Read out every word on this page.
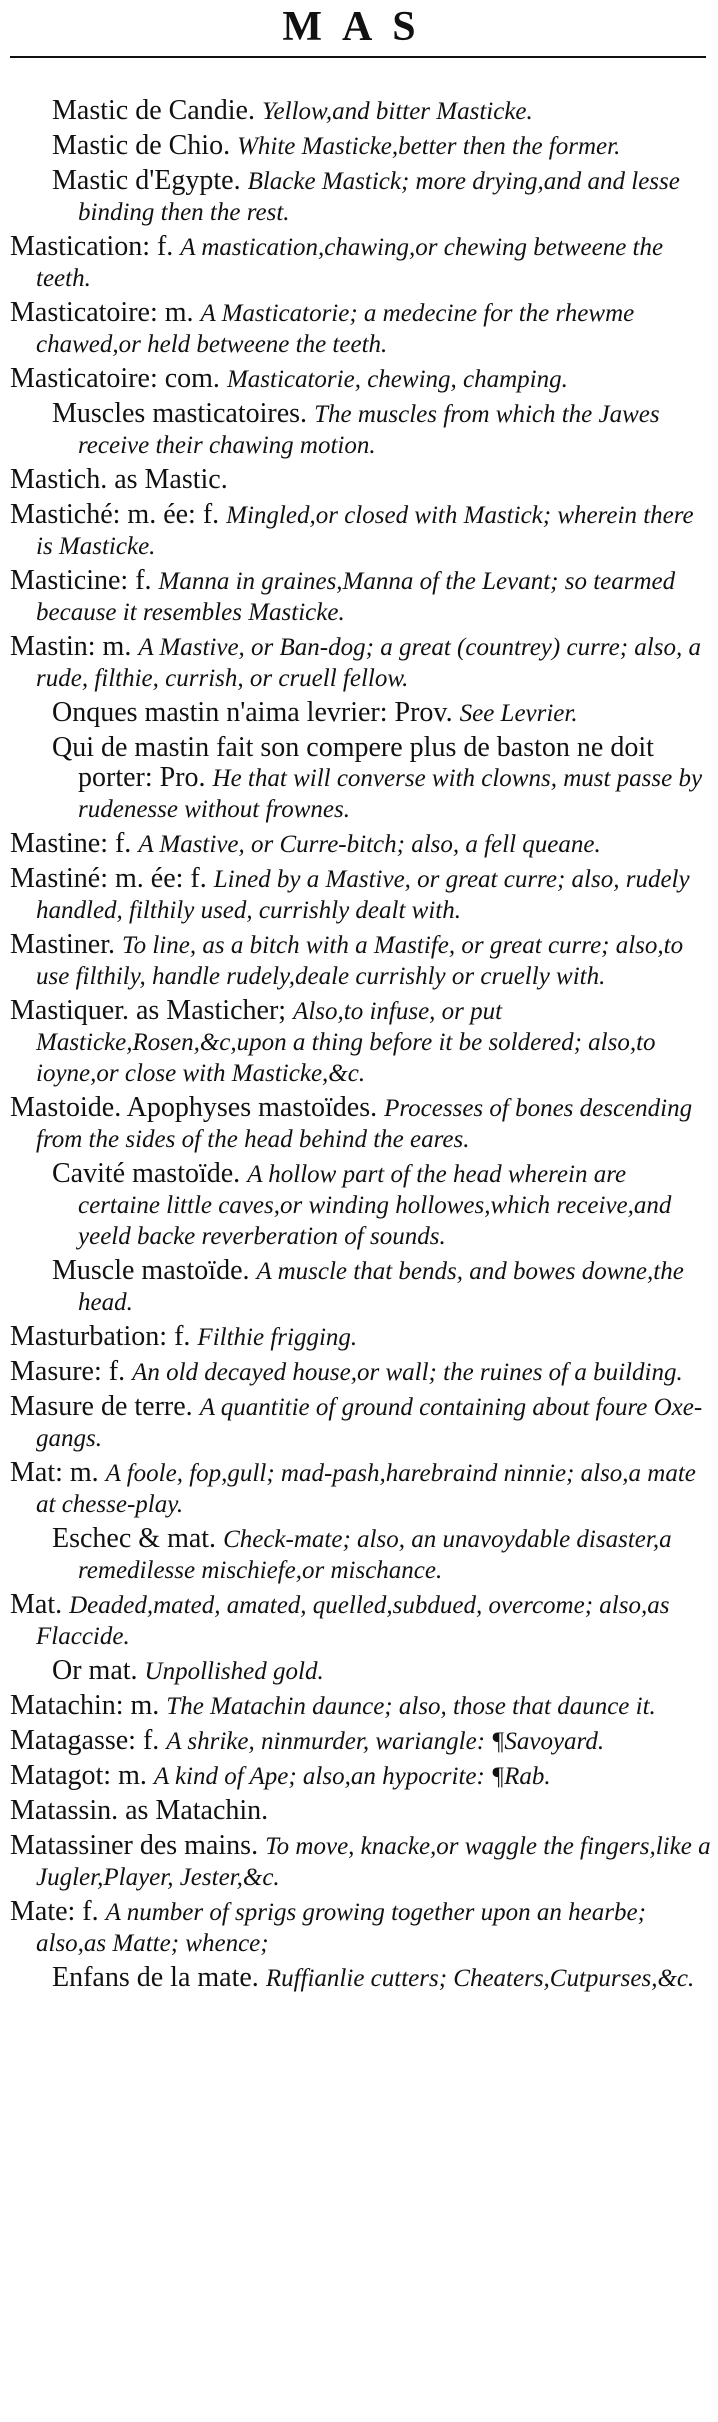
MAS
Mastic de Candie. Yellow,and bitter Masticke.
Mastic de Chio. White Masticke,better then the former.
Mastic d'Egypte. Blacke Mastick; more drying,and and lesse binding then the rest.
Mastication: f. A mastication,chawing,or chewing betweene the teeth.
Masticatoire: m. A Masticatorie; a medecine for the rhewme chawed,or held betweene the teeth.
Masticatoire: com. Masticatorie, chewing, champing.
Muscles masticatoires. The muscles from which the Jawes receive their chawing motion.
Mastich. as Mastic.
Mastiché: m. ée: f. Mingled,or closed with Mastick; wherein there is Masticke.
Masticine: f. Manna in graines,Manna of the Levant; so tearmed because it resembles Masticke.
Mastin: m. A Mastive, or Ban-dog; a great (countrey) curre; also, a rude, filthie, currish, or cruell fellow.
Onques mastin n'aima levrier: Prov. See Levrier.
Qui de mastin fait son compere plus de baston ne doit porter: Pro. He that will converse with clowns, must passe by rudenesse without frownes.
Mastine: f. A Mastive, or Curre-bitch; also, a fell queane.
Mastiné: m. ée: f. Lined by a Mastive, or great curre; also, rudely handled, filthily used, currishly dealt with.
Mastiner. To line, as a bitch with a Mastife, or great curre; also,to use filthily, handle rudely,deale currishly or cruelly with.
Mastiquer. as Masticher; Also,to infuse, or put Masticke,Rosen,&c,upon a thing before it be soldered; also,to ioyne,or close with Masticke,&c.
Mastoide. Apophyses mastoïdes. Processes of bones descending from the sides of the head behind the eares.
Cavité mastoïde. A hollow part of the head wherein are certaine little caves,or winding hollowes,which receive,and yeeld backe reverberation of sounds.
Muscle mastoïde. A muscle that bends, and bowes downe,the head.
Masturbation: f. Filthie frigging.
Masure: f. An old decayed house,or wall; the ruines of a building.
Masure de terre. A quantitie of ground containing about foure Oxe-gangs.
Mat: m. A foole, fop,gull; mad-pash,harebraind ninnie; also,a mate at chesse-play.
Eschec & mat. Check-mate; also, an unavoydable disaster,a remedilesse mischiefe,or mischance.
Mat. Deaded,mated, amated, quelled,subdued, overcome; also,as Flaccide.
Or mat. Unpollished gold.
Matachin: m. The Matachin daunce; also, those that daunce it.
Matagasse: f. A shrike, ninmurder, wariangle: ¶Savoyard.
Matagot: m. A kind of Ape; also,an hypocrite: ¶Rab.
Matassin. as Matachin.
Matassiner des mains. To move, knacke,or waggle the fingers,like a Jugler,Player, Jester,&c.
Mate: f. A number of sprigs growing together upon an hearbe; also,as Matte; whence;
Enfans de la mate. Ruffianlie cutters; Cheaters,Cutpurses,&c.
